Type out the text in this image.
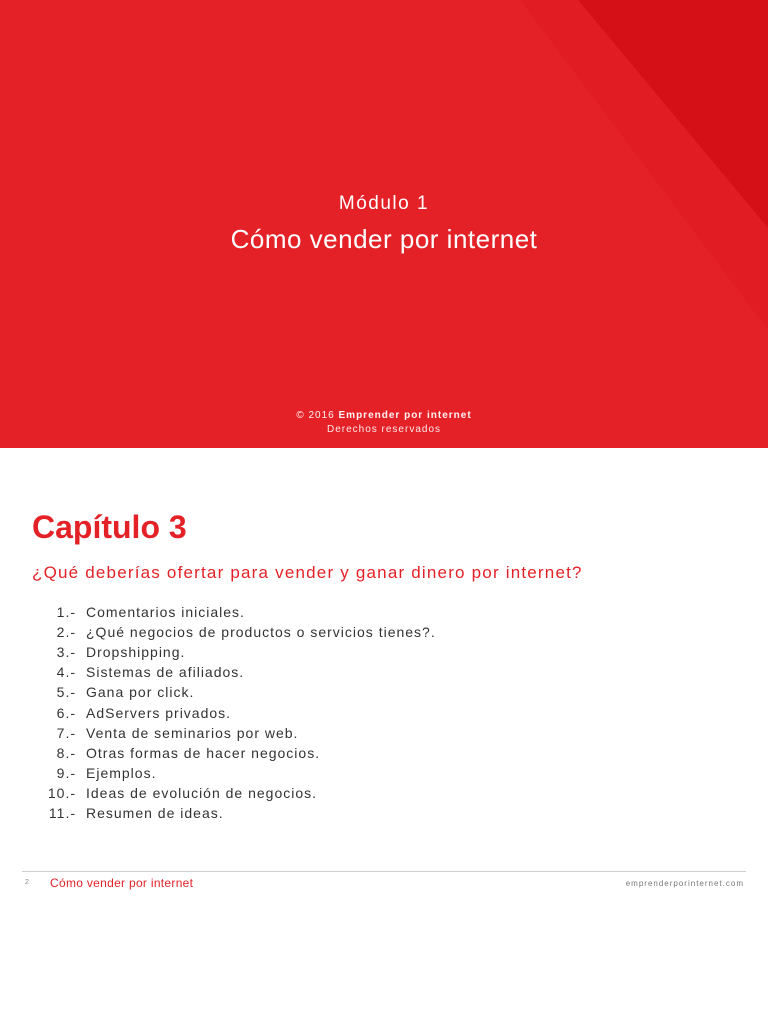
Módulo 1
Cómo vender por internet
© 2016 Emprender por internet
Derechos reservados
Capítulo 3
¿Qué deberías ofertar para vender y ganar dinero por internet?
1.- Comentarios iniciales.
2.- ¿Qué negocios de productos o servicios tienes?.
3.- Dropshipping.
4.- Sistemas de afiliados.
5.- Gana por click.
6.- AdServers privados.
7.- Venta de seminarios por web.
8.- Otras formas de hacer negocios.
9.- Ejemplos.
10.- Ideas de evolución de negocios.
11.- Resumen de ideas.
2 Cómo vender por internet	emprenderporinternet.com
